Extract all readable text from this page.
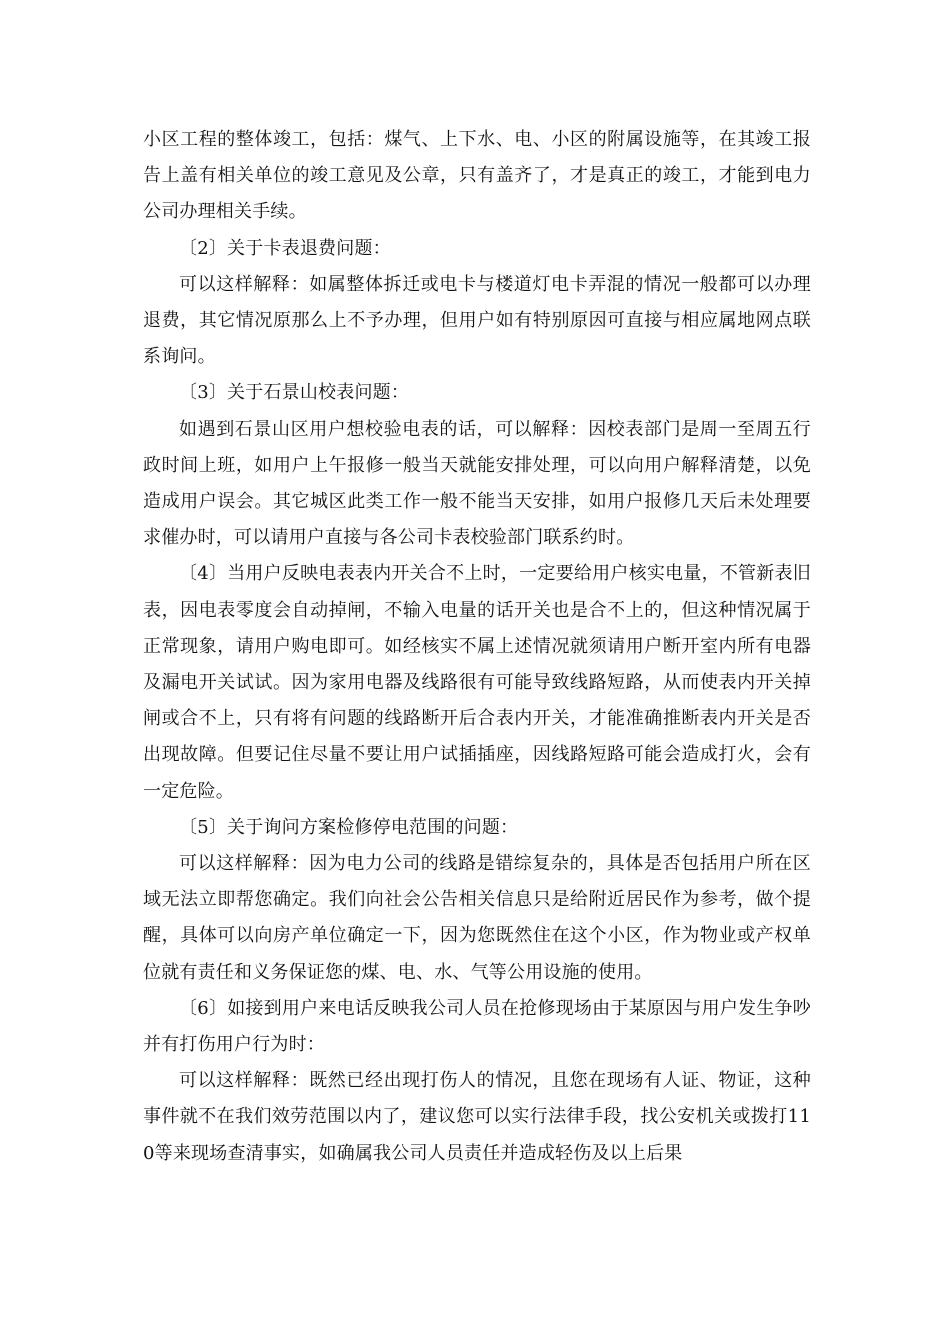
小区工程的整体竣工，包括：煤气、上下水、电、小区的附属设施等，在其竣工报告上盖有相关单位的竣工意见及公章，只有盖齐了，才是真正的竣工，才能到电力公司办理相关手续。

〔2〕关于卡表退费问题：

可以这样解释：如属整体拆迁或电卡与楼道灯电卡弄混的情况一般都可以办理退费，其它情况原那么上不予办理，但用户如有特别原因可直接与相应属地网点联系询问。

〔3〕关于石景山校表问题：

如遇到石景山区用户想校验电表的话，可以解释：因校表部门是周一至周五行政时间上班，如用户上午报修一般当天就能安排处理，可以向用户解释清楚，以免造成用户误会。其它城区此类工作一般不能当天安排，如用户报修几天后未处理要求催办时，可以请用户直接与各公司卡表校验部门联系约时。

〔4〕当用户反映电表表内开关合不上时，一定要给用户核实电量，不管新表旧表，因电表零度会自动掉闸，不输入电量的话开关也是合不上的，但这种情况属于正常现象，请用户购电即可。如经核实不属上述情况就须请用户断开室内所有电器及漏电开关试试。因为家用电器及线路很有可能导致线路短路，从而使表内开关掉闸或合不上，只有将有问题的线路断开后合表内开关，才能准确推断表内开关是否出现故障。但要记住尽量不要让用户试插插座，因线路短路可能会造成打火，会有一定危险。

〔5〕关于询问方案检修停电范围的问题：

可以这样解释：因为电力公司的线路是错综复杂的，具体是否包括用户所在区域无法立即帮您确定。我们向社会公告相关信息只是给附近居民作为参考，做个提醒，具体可以向房产单位确定一下，因为您既然住在这个小区，作为物业或产权单位就有责任和义务保证您的煤、电、水、气等公用设施的使用。

〔6〕如接到用户来电话反映我公司人员在抢修现场由于某原因与用户发生争吵并有打伤用户行为时：

可以这样解释：既然已经出现打伤人的情况，且您在现场有人证、物证，这种事件就不在我们效劳范围以内了，建议您可以实行法律手段，找公安机关或拨打110等来现场查清事实，如确属我公司人员责任并造成轻伤及以上后果
